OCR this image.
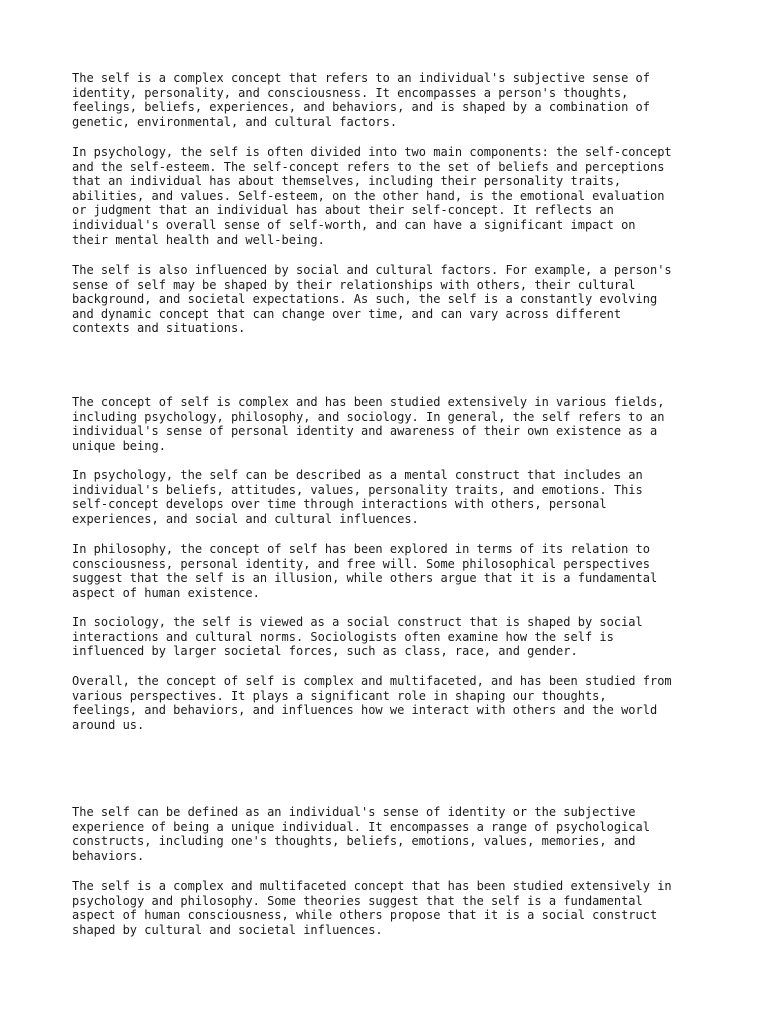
The self is a complex concept that refers to an individual's subjective sense of
identity, personality, and consciousness. It encompasses a person's thoughts,
feelings, beliefs, experiences, and behaviors, and is shaped by a combination of
genetic, environmental, and cultural factors.

In psychology, the self is often divided into two main components: the self-concept
and the self-esteem. The self-concept refers to the set of beliefs and perceptions
that an individual has about themselves, including their personality traits,
abilities, and values. Self-esteem, on the other hand, is the emotional evaluation
or judgment that an individual has about their self-concept. It reflects an
individual's overall sense of self-worth, and can have a significant impact on
their mental health and well-being.

The self is also influenced by social and cultural factors. For example, a person's
sense of self may be shaped by their relationships with others, their cultural
background, and societal expectations. As such, the self is a constantly evolving
and dynamic concept that can change over time, and can vary across different
contexts and situations.

The concept of self is complex and has been studied extensively in various fields,
including psychology, philosophy, and sociology. In general, the self refers to an
individual's sense of personal identity and awareness of their own existence as a
unique being.

In psychology, the self can be described as a mental construct that includes an
individual's beliefs, attitudes, values, personality traits, and emotions. This
self-concept develops over time through interactions with others, personal
experiences, and social and cultural influences.

In philosophy, the concept of self has been explored in terms of its relation to
consciousness, personal identity, and free will. Some philosophical perspectives
suggest that the self is an illusion, while others argue that it is a fundamental
aspect of human existence.

In sociology, the self is viewed as a social construct that is shaped by social
interactions and cultural norms. Sociologists often examine how the self is
influenced by larger societal forces, such as class, race, and gender.

Overall, the concept of self is complex and multifaceted, and has been studied from
various perspectives. It plays a significant role in shaping our thoughts,
feelings, and behaviors, and influences how we interact with others and the world
around us.

The self can be defined as an individual's sense of identity or the subjective
experience of being a unique individual. It encompasses a range of psychological
constructs, including one's thoughts, beliefs, emotions, values, memories, and
behaviors.

The self is a complex and multifaceted concept that has been studied extensively in
psychology and philosophy. Some theories suggest that the self is a fundamental
aspect of human consciousness, while others propose that it is a social construct
shaped by cultural and societal influences.
